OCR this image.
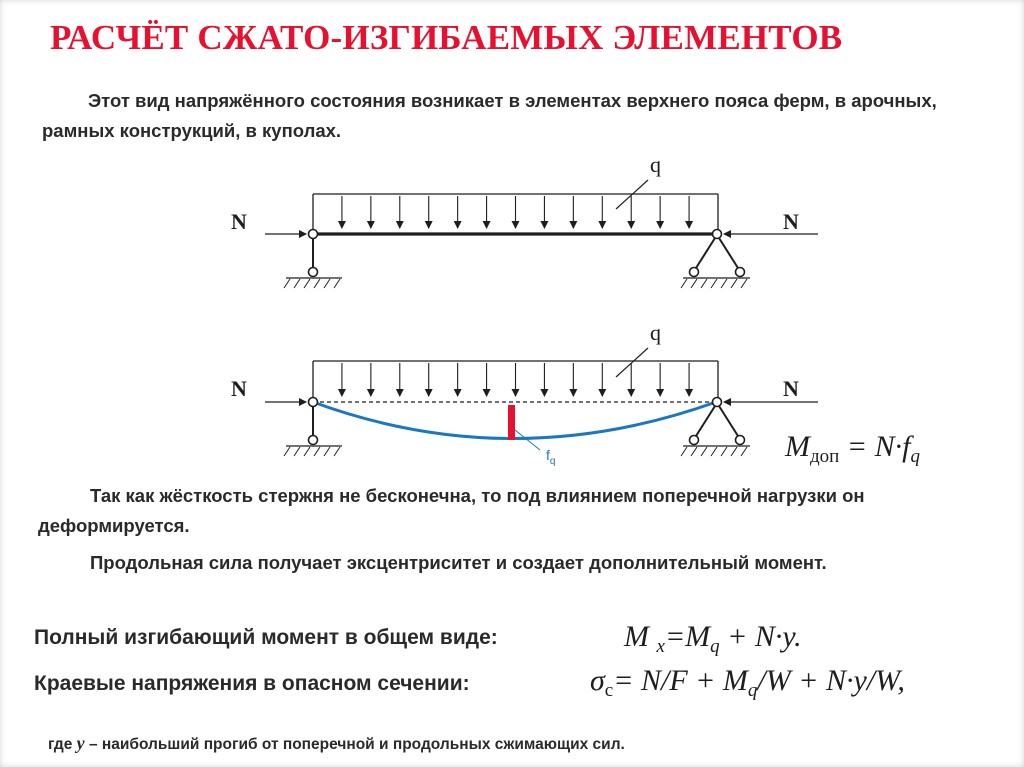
РАСЧЁТ СЖАТО-ИЗГИБАЕМЫХ ЭЛЕМЕНТОВ

Этот вид напряжённого состояния возникает в элементах верхнего пояса ферм, в арочных, рамных конструкций, в куполах.

q
N	N
q
$f_q$
N	N

$M_{доп} = N\cdot f_q$

Так как жёсткость стержня не бесконечна, то под влиянием поперечной нагрузки он деформируется.

Продольная сила получает эксцентриситет и создает дополнительный момент.

Полный изгибающий момент в общем виде:	M $_x=M_q + N\cdot y$.

Краевые напряжения в опасном сечении:	$\sigma_c= N/F + M_q/W + N\cdot y/W$,

где y – наибольший прогиб от поперечной и продольных сжимающих сил.
